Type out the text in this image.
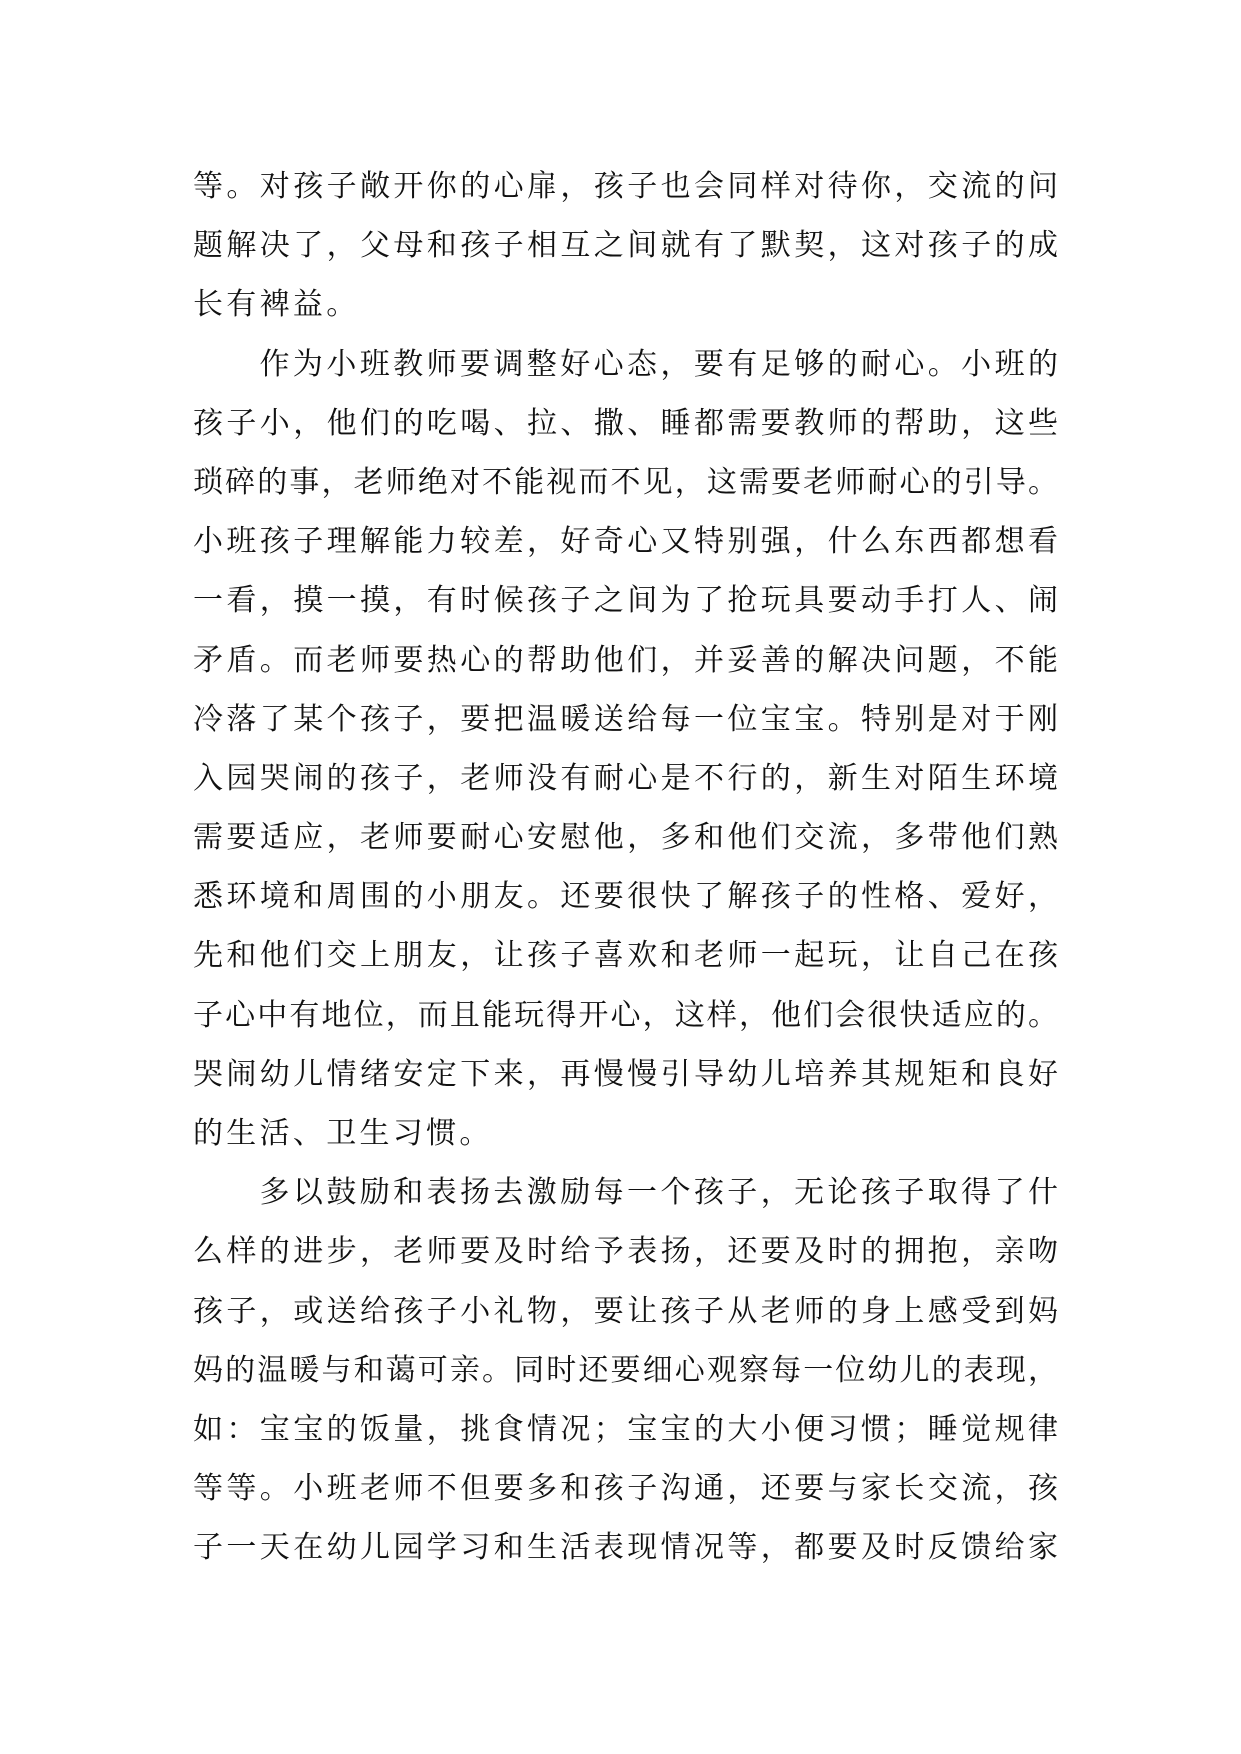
等。对孩子敞开你的心扉，孩子也会同样对待你，交流的问
题解决了，父母和孩子相互之间就有了默契，这对孩子的成
长有裨益。
作为小班教师要调整好心态，要有足够的耐心。小班的
孩子小，他们的吃喝、拉、撒、睡都需要教师的帮助，这些
琐碎的事，老师绝对不能视而不见，这需要老师耐心的引导。
小班孩子理解能力较差，好奇心又特别强，什么东西都想看
一看，摸一摸，有时候孩子之间为了抢玩具要动手打人、闹
矛盾。而老师要热心的帮助他们，并妥善的解决问题，不能
冷落了某个孩子，要把温暖送给每一位宝宝。特别是对于刚
入园哭闹的孩子，老师没有耐心是不行的，新生对陌生环境
需要适应，老师要耐心安慰他，多和他们交流，多带他们熟
悉环境和周围的小朋友。还要很快了解孩子的性格、爱好，
先和他们交上朋友，让孩子喜欢和老师一起玩，让自己在孩
子心中有地位，而且能玩得开心，这样，他们会很快适应的。
哭闹幼儿情绪安定下来，再慢慢引导幼儿培养其规矩和良好
的生活、卫生习惯。
多以鼓励和表扬去激励每一个孩子，无论孩子取得了什
么样的进步，老师要及时给予表扬，还要及时的拥抱，亲吻
孩子，或送给孩子小礼物，要让孩子从老师的身上感受到妈
妈的温暖与和蔼可亲。同时还要细心观察每一位幼儿的表现，
如：宝宝的饭量，挑食情况；宝宝的大小便习惯；睡觉规律
等等。小班老师不但要多和孩子沟通，还要与家长交流，孩
子一天在幼儿园学习和生活表现情况等，都要及时反馈给家
